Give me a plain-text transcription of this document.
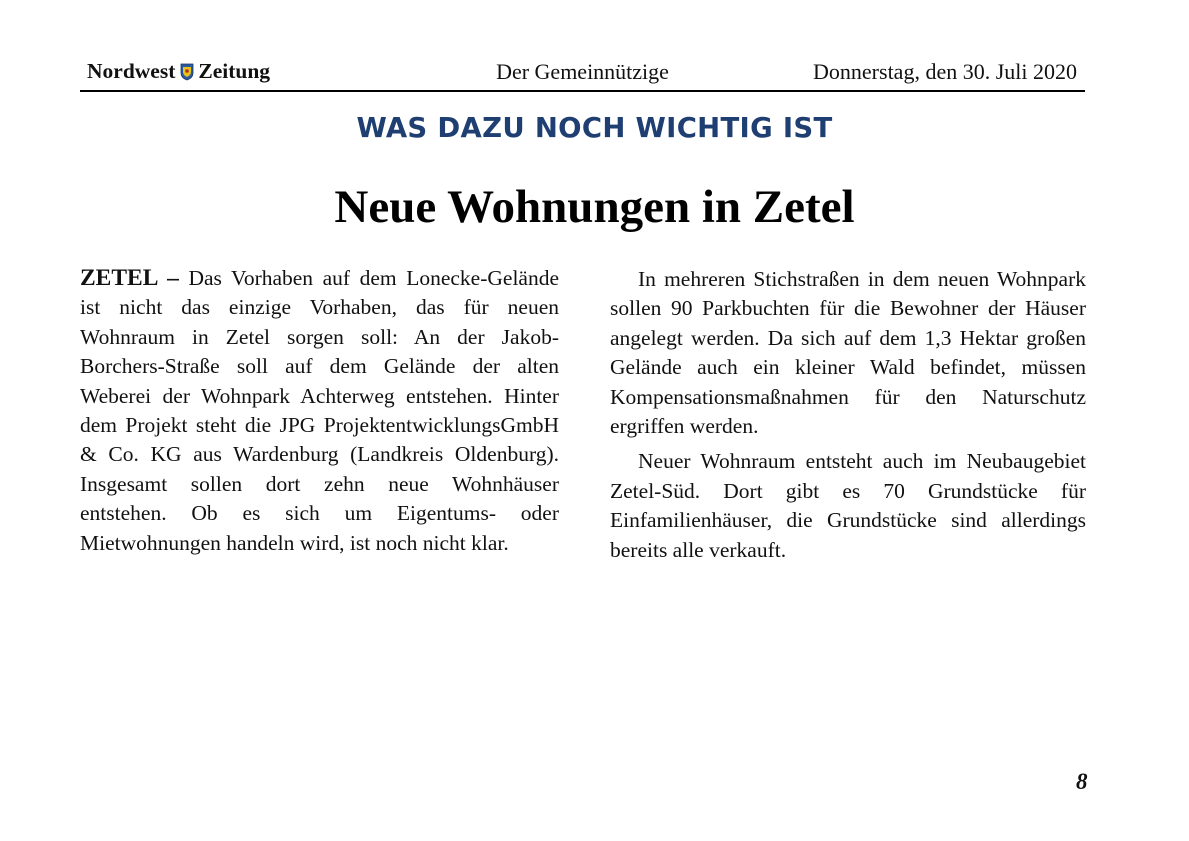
Nordwest Zeitung	Der Gemeinnützige	Donnerstag, den 30. Juli 2020
WAS DAZU NOCH WICHTIG IST
Neue Wohnungen in Zetel

ZETEL – Das Vorhaben auf dem Lonecke-Gelände ist nicht das einzige Vorhaben, das für neuen Wohnraum in Zetel sorgen soll: An der Jakob-Borchers-Straße soll auf dem Gelände der alten Weberei der Wohnpark Achterweg entstehen. Hinter dem Projekt steht die JPG ProjektentwicklungsGmbH & Co. KG aus Wardenburg (Landkreis Oldenburg). Insgesamt sollen dort zehn neue Wohnhäuser entstehen. Ob es sich um Eigentums- oder Mietwohnungen handeln wird, ist noch nicht klar.

In mehreren Stichstraßen in dem neuen Wohnpark sollen 90 Parkbuchten für die Bewohner der Häuser angelegt werden. Da sich auf dem 1,3 Hektar großen Gelände auch ein kleiner Wald befindet, müssen Kompensationsmaßnahmen für den Naturschutz ergriffen werden.

Neuer Wohnraum entsteht auch im Neubaugebiet Zetel-Süd. Dort gibt es 70 Grundstücke für Einfamilienhäuser, die Grundstücke sind allerdings bereits alle verkauft.

8
